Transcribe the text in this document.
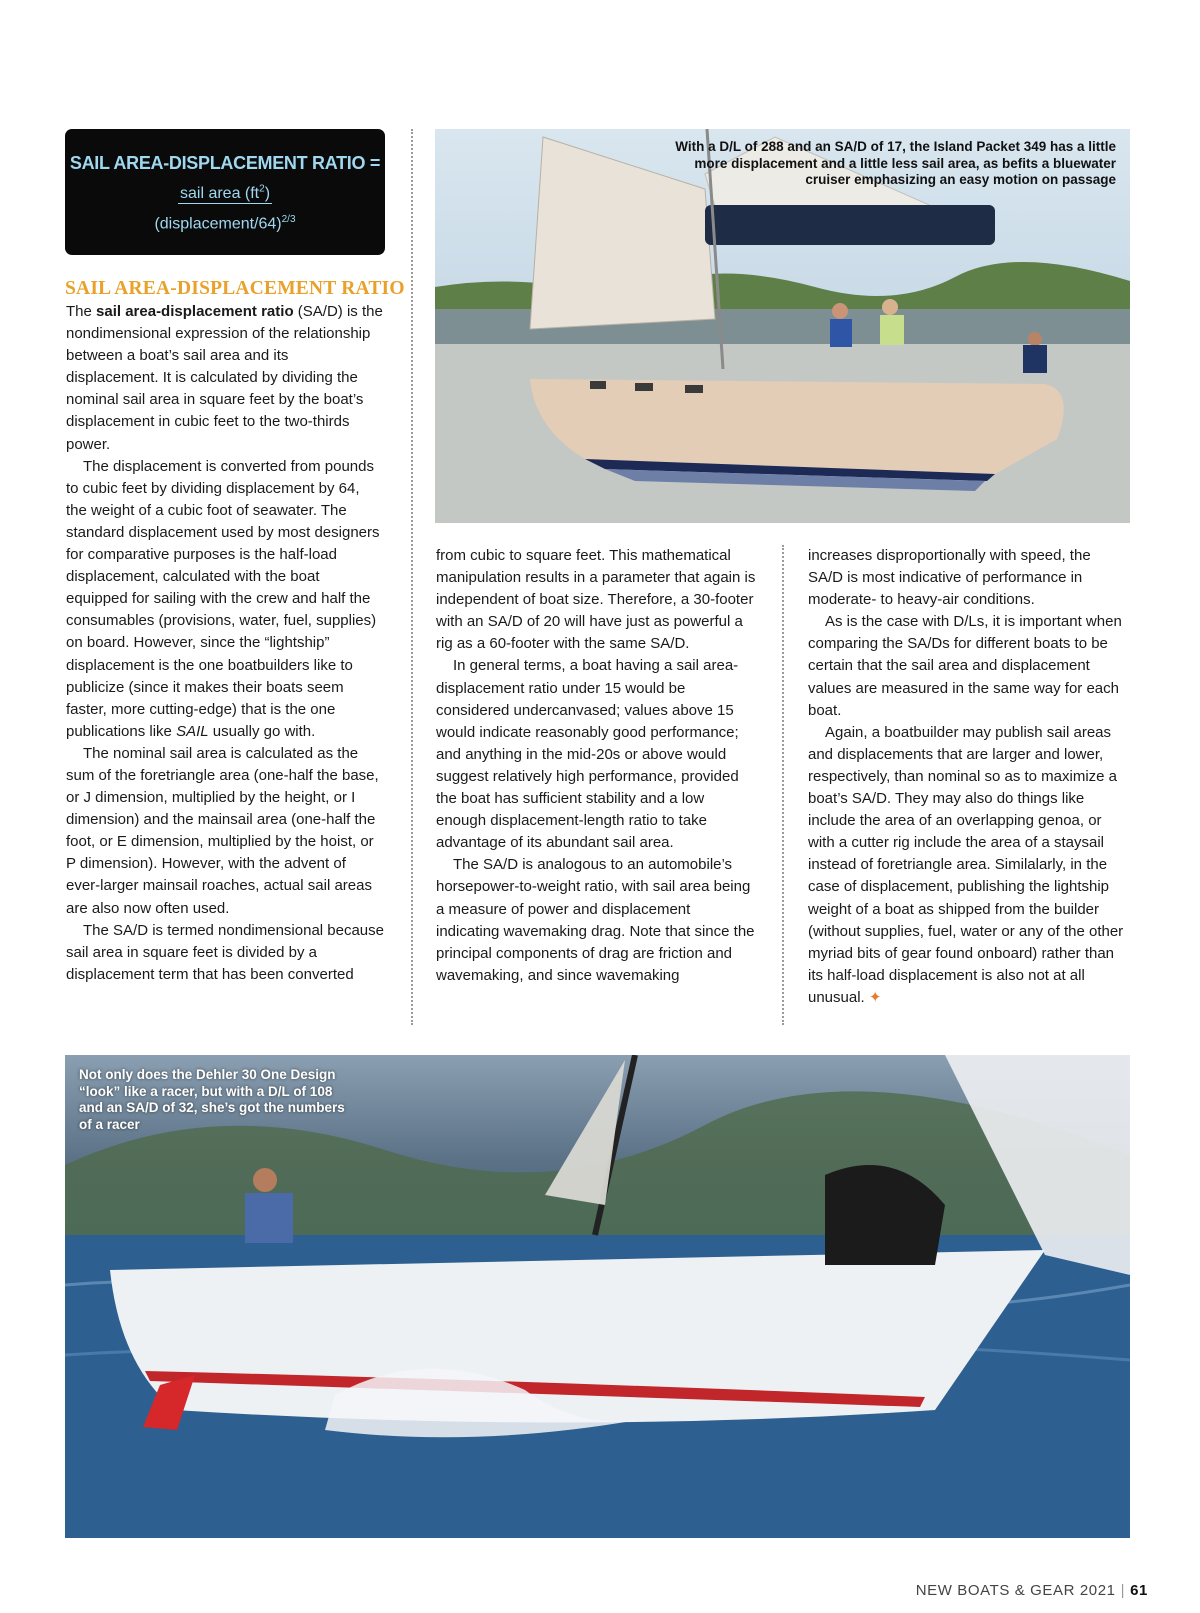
SAIL AREA-DISPLACEMENT RATIO =
sail area $(ft^2)$
(displacement/64)$^{2/3}$
SAIL AREA-DISPLACEMENT RATIO

The sail area-displacement ratio (SA/D) is the nondimensional expression of the relationship between a boat’s sail area and its displacement. It is calculated by dividing the nominal sail area in square feet by the boat’s displacement in cubic feet to the two-thirds power.

The displacement is converted from pounds to cubic feet by dividing displacement by 64, the weight of a cubic foot of seawater. The standard displacement used by most designers for comparative purposes is the half-load displacement, calculated with the boat equipped for sailing with the crew and half the consumables (provisions, water, fuel, supplies) on board. However, since the “lightship” displacement is the one boatbuilders like to publicize (since it makes their boats seem faster, more cutting-edge) that is the one publications like SAIL usually go with.

The nominal sail area is calculated as the sum of the foretriangle area (one-half the base, or J dimension, multiplied by the height, or I dimension) and the mainsail area (one-half the foot, or E dimension, multiplied by the hoist, or P dimension). However, with the advent of ever-larger mainsail roaches, actual sail areas are also now often used.

The SA/D is termed nondimensional because sail area in square feet is divided by a displacement term that has been converted

With a D/L of 288 and an SA/D of 17, the Island Packet 349 has a little more displacement and a little less sail area, as befits a bluewater cruiser emphasizing an easy motion on passage

from cubic to square feet. This mathematical manipulation results in a parameter that again is independent of boat size. Therefore, a 30-footer with an SA/D of 20 will have just as powerful a rig as a 60-footer with the same SA/D.

In general terms, a boat having a sail area-displacement ratio under 15 would be considered undercanvased; values above 15 would indicate reasonably good performance; and anything in the mid-20s or above would suggest relatively high performance, provided the boat has sufficient stability and a low enough displacement-length ratio to take advantage of its abundant sail area.

The SA/D is analogous to an automobile’s horsepower-to-weight ratio, with sail area being a measure of power and displacement indicating wavemaking drag. Note that since the principal components of drag are friction and wavemaking, and since wavemaking

increases disproportionally with speed, the SA/D is most indicative of performance in moderate- to heavy-air conditions.

As is the case with D/Ls, it is important when comparing the SA/Ds for different boats to be certain that the sail area and displacement values are measured in the same way for each boat.

Again, a boatbuilder may publish sail areas and displacements that are larger and lower, respectively, than nominal so as to maximize a boat’s SA/D. They may also do things like include the area of an overlapping genoa, or with a cutter rig include the area of a staysail instead of foretriangle area. Similalarly, in the case of displacement, publishing the lightship weight of a boat as shipped from the builder (without supplies, fuel, water or any of the other myriad bits of gear found onboard) rather than its half-load displacement is also not at all unusual. ✦

Not only does the Dehler 30 One Design “look” like a racer, but with a D/L of 108 and an SA/D of 32, she’s got the numbers of a racer
NEW BOATS & GEAR 2021 | 61
